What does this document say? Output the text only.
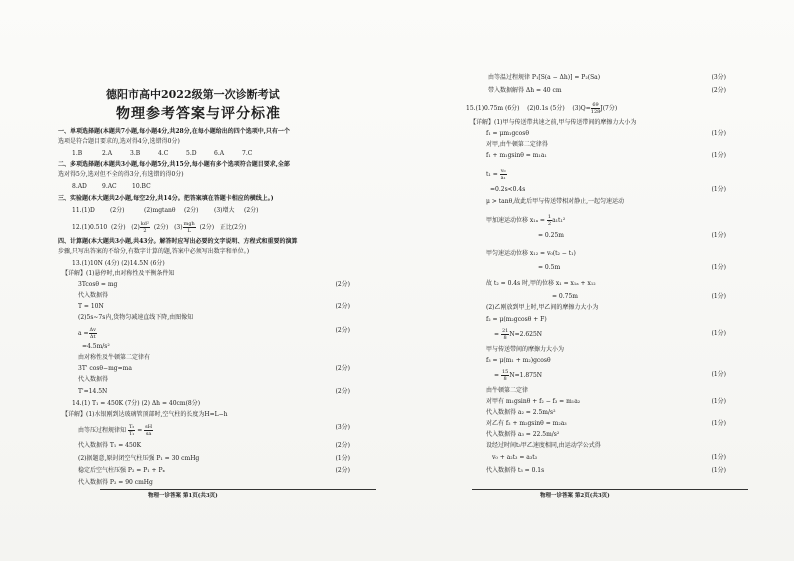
德阳市高中2022级第一次诊断考试
物理参考答案与评分标准
一、单项选择题(本题共7小题,每小题4分,共28分,在每小题给出的四个选项中,只有一个
选项是符合题目要求的,选对得4分,选错得0分)
1.B	2.A	3.B	4.C	5.D	6.A	7.C
二、多项选择题(本题共3小题,每小题5分,共15分,每小题有多个选项符合题目要求,全部
选对得5分,选对但不全的得3分,有选错的得0分)
8.AD	9.AC	10.BC
三、实验题(本大题共2小题,每空2分,共14分。把答案填在答题卡相应的横线上。)
11.(1)D	(2分)	(2)mgtanθ (2分)	(3)增大 (2分)
12.(1)0.510 (2分) $(2) \frac{\text{kd²}}{2} (2$分) $(3) \frac{\text{mgh}}{L} (2$分) 正比(2分)
四、计算题(本大题共3小题,共43分。解答时应写出必要的文字说明、方程式和重要的演算
步骤,只写出答案的不给分,有数字计算的题,答案中必须写出数字和单位。)
13.(1)10N (4分) (2)14.5N (6分)
【详解】(1)悬停时,由对称性及平衡条件知
3Tcosθ = mg	(2分)
代入数据得
T = 10N	(2分)
(2)5s~7s内,货物匀减速直线下降,由图像知
$a = \frac{\Delta v}{\Delta t}$	(2分)
=4.5m/s²
由对称性及牛顿第二定律有
3T' cosθ−mg=ma	(2分)
代入数据得
T'=14.5N	(2分)
14.(1) T₁ = 450K (7分) (2) Δh = 40cm(8分)
【详解】(1)水银刚到达玻璃管顶部时,空气柱的长度为H=L−h
由等压过程规律知 $\frac{\text{T₂}}{\text{T₁}} = \frac{sH}{sa}$	(3分)
代入数据得 T₁ = 450K	(2分)
(2)据题意,原封闭空气柱压强 P₁ = 30 cmHg	(1分)
稳定后空气柱压强 P₂ = P₁ + Pₓ	(2分)
代入数据得 P₂ = 90 cmHg
物理一诊答案 第1页(共3页)
由等温过程规律 P₁[S(a − Δh)] = P₂(Sa)	(3分)
带入数据解得 Δh = 40 cm	(2分)
15.(1)0.75m (6分) (2)0.1s (5分) $(3)Q= \frac{69}{128} J(7$分)
【详解】(1)甲与传送带共速之前,甲与传送带间的摩擦力大小为
f₁ = μm₁gcosθ	(1分)
对甲,由牛顿第二定律得
f₁ + m₁gsinθ = m₁a₁	(1分)
$t_1 = \frac{\text{v₀}}{\text{a₁}}$
=0.2s<0.4s	(1分)
μ > tanθ,故此后甲与传送带相对静止,一起匀速运动
甲加速运动位移 $x_{1a} = \frac{1}{2} a_1t_1^2$
= 0.25m	(1分)
甲匀速运动位移 x₁₂ = v₀(t₂ − t₁)
= 0.5m	(1分)
故 t₂ = 0.4s 时,甲的位移 x₁ = x₁ₐ + x₁₂
= 0.75m	(1分)
(2)乙刚放到甲上时,甲乙间的摩擦力大小为
f₂ = μ(m₂gcosθ + F)
= $\frac{21}{8} N=2.625N$	(1分)
甲与传送带间的摩擦力大小为
f₃ = μ(m₁ + m₂)gcosθ
= $\frac{15}{8} N=1.875N$	(1分)
由牛顿第二定律
对甲有 m₁gsinθ + f₂ − f₃ = m₁a₂	(1分)
代入数据得 a₂ = 2.5m/s²
对乙有 f₂ + m₂gsinθ = m₂a₃	(1分)
代入数据得 a₃ = 22.5m/s²
设经过时间t₃甲乙速度相同,由运动学公式得
v₀ + a₂t₃ = a₃t₃	(1分)
代入数据得 t₃ = 0.1s	(1分)
物理一诊答案 第2页(共3页)
